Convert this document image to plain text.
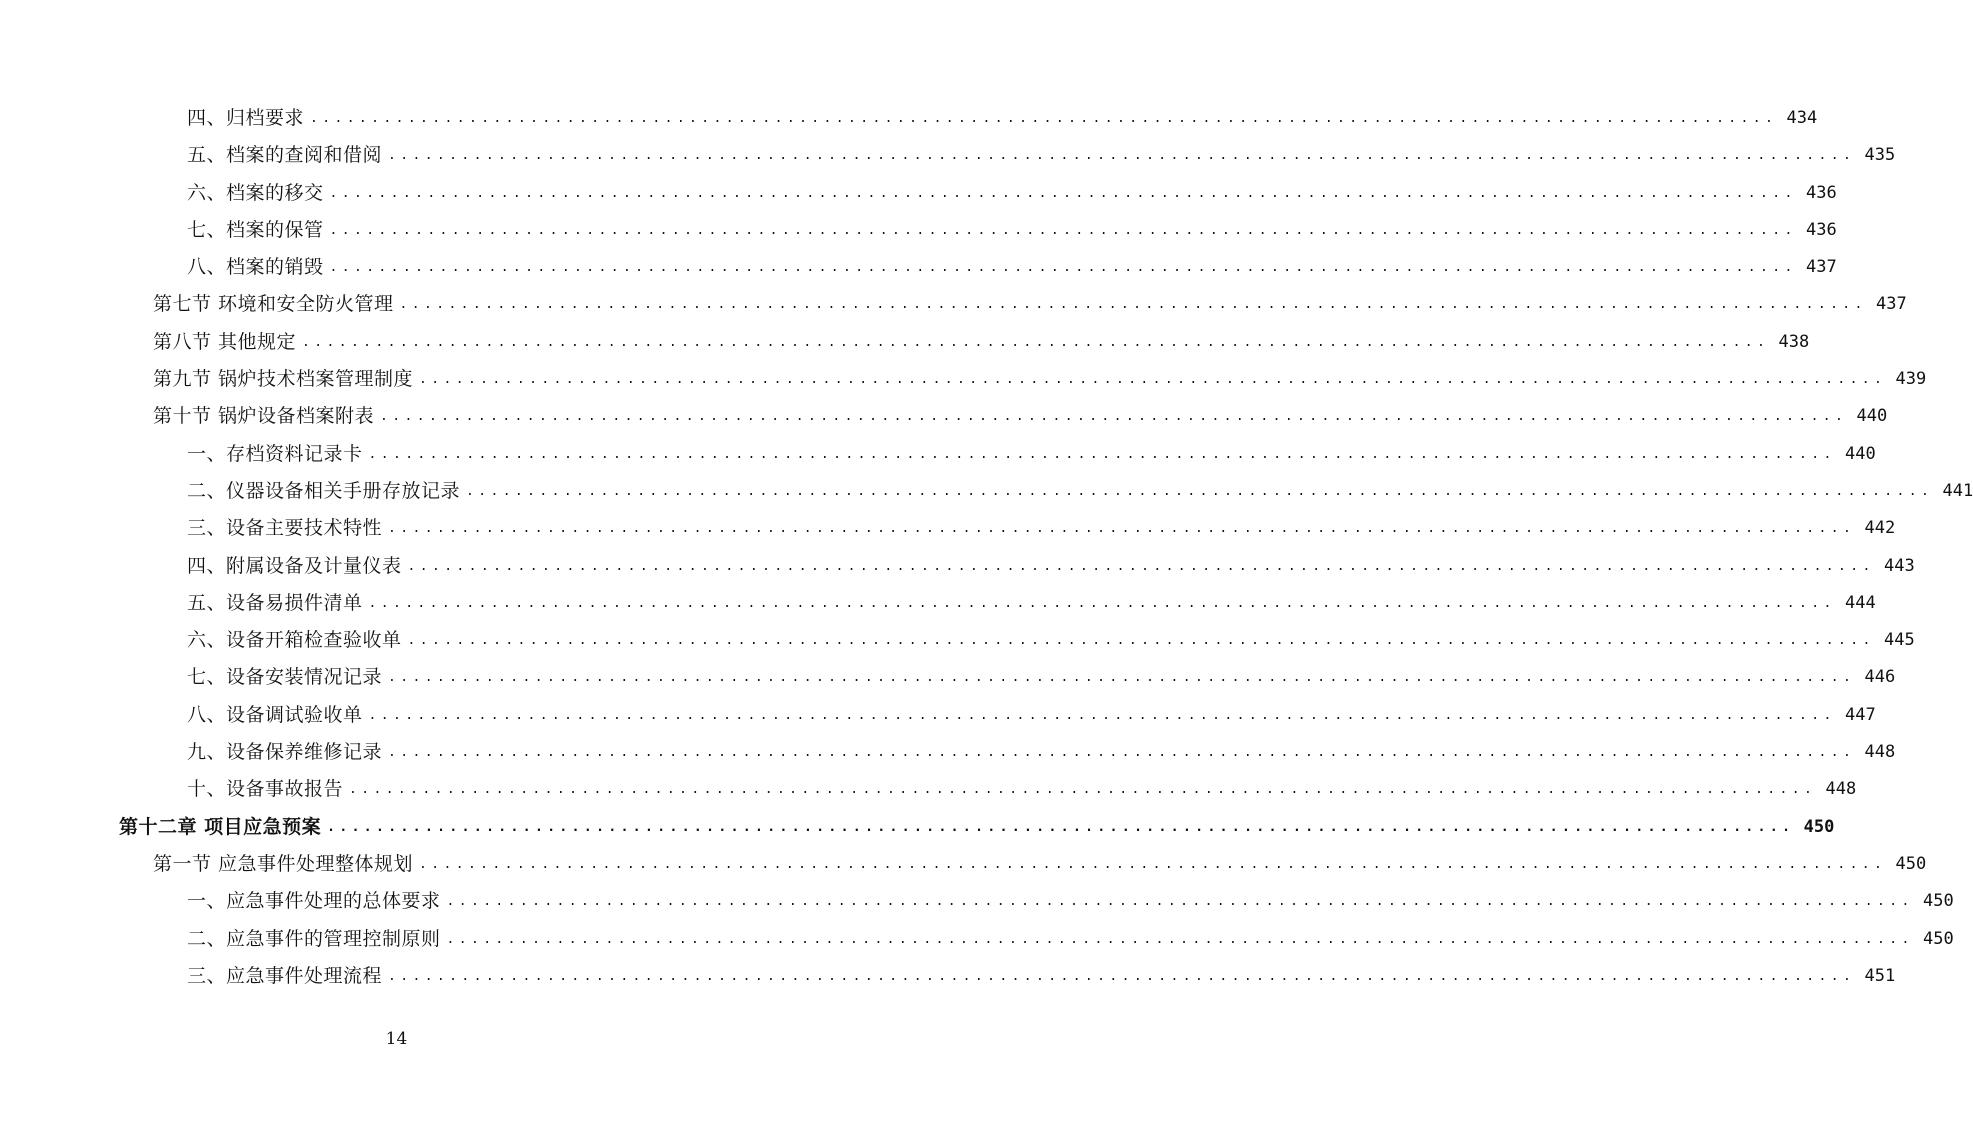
四、归档要求 ........................................................................................................................ 434
五、档案的查阅和借阅 ........................................................................................................................ 435
六、档案的移交 ........................................................................................................................ 436
七、档案的保管 ........................................................................................................................ 436
八、档案的销毁 ........................................................................................................................ 437
第七节 环境和安全防火管理 ........................................................................................................................ 437
第八节 其他规定 ........................................................................................................................ 438
第九节 锅炉技术档案管理制度 ........................................................................................................................ 439
第十节 锅炉设备档案附表 ........................................................................................................................ 440
一、存档资料记录卡 ........................................................................................................................ 440
二、仪器设备相关手册存放记录 ........................................................................................................................ 441
三、设备主要技术特性 ........................................................................................................................ 442
四、附属设备及计量仪表 ........................................................................................................................ 443
五、设备易损件清单 ........................................................................................................................ 444
六、设备开箱检查验收单 ........................................................................................................................ 445
七、设备安装情况记录 ........................................................................................................................ 446
八、设备调试验收单 ........................................................................................................................ 447
九、设备保养维修记录 ........................................................................................................................ 448
十、设备事故报告 ........................................................................................................................ 448
第十二章 项目应急预案 ........................................................................................................................ 450
第一节 应急事件处理整体规划 ........................................................................................................................ 450
一、应急事件处理的总体要求 ........................................................................................................................ 450
二、应急事件的管理控制原则 ........................................................................................................................ 450
三、应急事件处理流程 ........................................................................................................................ 451
14
